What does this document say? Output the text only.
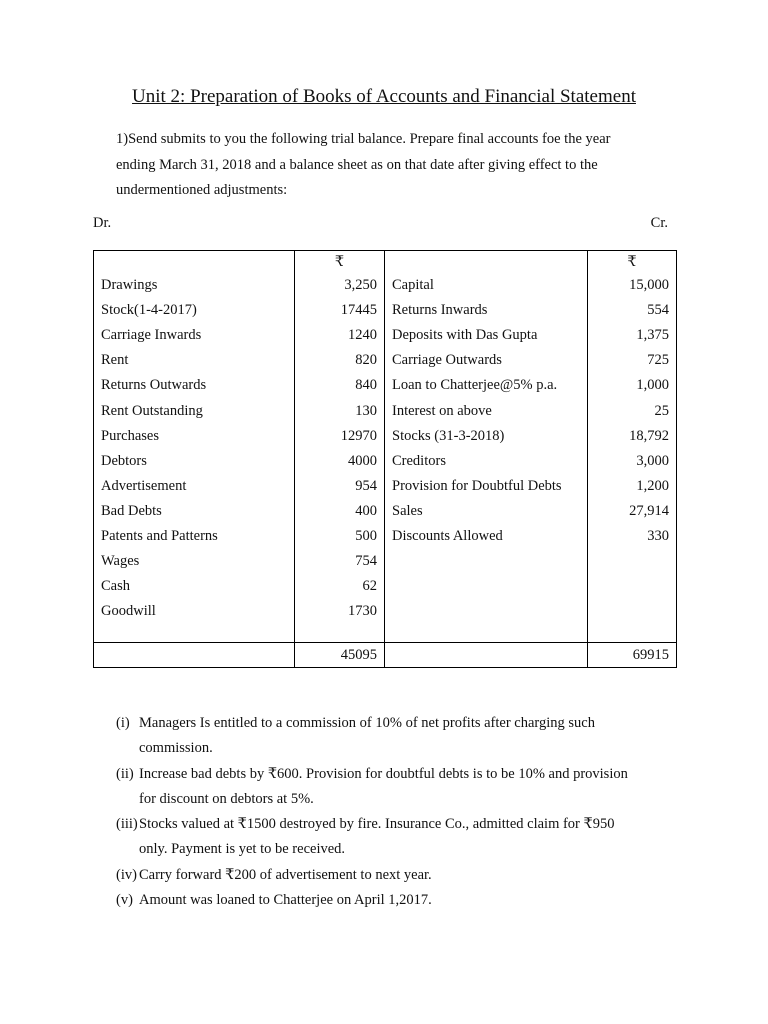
Unit 2: Preparation of Books of Accounts and Financial Statement
1)Send submits to you the following trial balance. Prepare final accounts foe the year
ending March 31, 2018 and a balance sheet as on that date after giving effect to the
undermentioned adjustments:
Dr.	Cr.
	₹		₹
Drawings	3,250	Capital	15,000
Stock(1-4-2017)	17445	Returns Inwards	554
Carriage Inwards	1240	Deposits with Das Gupta	1,375
Rent	820	Carriage Outwards	725
Returns Outwards	840	Loan to Chatterjee@5% p.a.	1,000
Rent Outstanding	130	Interest on above	25
Purchases	12970	Stocks (31-3-2018)	18,792
Debtors	4000	Creditors	3,000
Advertisement	954	Provision for Doubtful Debts	1,200
Bad Debts	400	Sales	27,914
Patents and Patterns	500	Discounts Allowed	330
Wages	754		
Cash	62		
Goodwill	1730		

	45095		69915
(i) Managers Is entitled to a commission of 10% of net profits after charging such
commission.
(ii) Increase bad debts by ₹600. Provision for doubtful debts is to be 10% and provision
for discount on debtors at 5%.
(iii) Stocks valued at ₹1500 destroyed by fire. Insurance Co., admitted claim for ₹950
only. Payment is yet to be received.
(iv) Carry forward ₹200 of advertisement to next year.
(v) Amount was loaned to Chatterjee on April 1,2017.
